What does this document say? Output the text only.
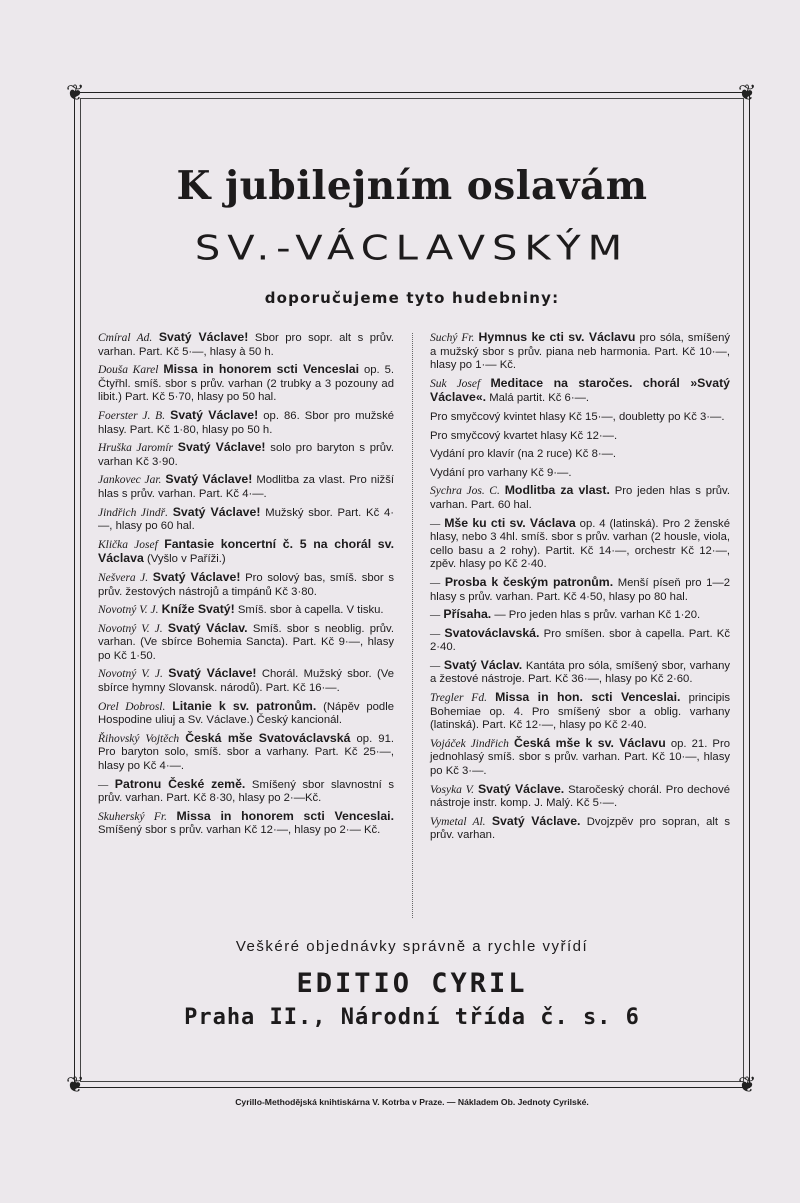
❦	❦
❦	❦
K jubilejním oslavám
SV.-VÁCLAVSKÝM
doporučujeme tyto hudebniny:
Cmíral Ad. Svatý Václave! Sbor pro sopr. alt s prův. varhan. Part. Kč 5·—, hlasy à 50 h.
Douša Karel Missa in honorem scti Venceslai op. 5. Čtyřhl. smíš. sbor s prův. varhan (2 trubky a 3 pozouny ad libit.) Part. Kč 5·70, hlasy po 50 hal.
Foerster J. B. Svatý Václave! op. 86. Sbor pro mužské hlasy. Part. Kč 1·80, hlasy po 50 h.
Hruška Jaromír Svatý Václave! solo pro baryton s prův. varhan Kč 3·90.
Jankovec Jar. Svatý Václave! Modlitba za vlast. Pro nižší hlas s prův. varhan. Part. Kč 4·—.
Jindřich Jindř. Svatý Václave! Mužský sbor. Part. Kč 4·—, hlasy po 60 hal.
Klička Josef Fantasie koncertní č. 5 na chorál sv. Václava (Vyšlo v Paříži.)
Nešvera J. Svatý Václave! Pro solový bas, smíš. sbor s prův. žestových nástrojů a timpánů Kč 3·80.
Novotný V. J. Kníže Svatý! Smíš. sbor à capella. V tisku.
Novotný V. J. Svatý Václav. Smíš. sbor s neoblig. prův. varhan. (Ve sbírce Bohemia Sancta). Part. Kč 9·—, hlasy po Kč 1·50.
Novotný V. J. Svatý Václave! Chorál. Mužský sbor. (Ve sbírce hymny Slovansk. národů). Part. Kč 16·—.
Orel Dobrosl. Litanie k sv. patronům. (Nápěv podle Hospodine uliuj a Sv. Václave.) Český kancionál.
Řihovský Vojtěch Česká mše Svatováclavská op. 91. Pro baryton solo, smíš. sbor a varhany. Part. Kč 25·—, hlasy po Kč 4·—.
— Patronu České země. Smíšený sbor slavnostní s prův. varhan. Part. Kč 8·30, hlasy po 2·—Kč.
Skuherský Fr. Missa in honorem scti Venceslai. Smíšený sbor s prův. varhan Kč 12·—, hlasy po 2·— Kč.
Suchý Fr. Hymnus ke cti sv. Václavu pro sóla, smíšený a mužský sbor s prův. piana neb harmonia. Part. Kč 10·—, hlasy po 1·— Kč.
Suk Josef Meditace na staročes. chorál »Svatý Václave«. Malá partit. Kč 6·—.
Pro smyčcový kvintet hlasy Kč 15·—, doubletty po Kč 3·—.
Pro smyčcový kvartet hlasy Kč 12·—.
Vydání pro klavír (na 2 ruce) Kč 8·—.
Vydání pro varhany Kč 9·—.
Sychra Jos. C. Modlitba za vlast. Pro jeden hlas s prův. varhan. Part. 60 hal.
— Mše ku cti sv. Václava op. 4 (latinská). Pro 2 ženské hlasy, nebo 3 4hl. smíš. sbor s prův. varhan (2 housle, viola, cello basu a 2 rohy). Partit. Kč 14·—, orchestr Kč 12·—, zpěv. hlasy po Kč 2·40.
— Prosba k českým patronům. Menší píseň pro 1—2 hlasy s prův. varhan. Part. Kč 4·50, hlasy po 80 hal.
— Přísaha. — Pro jeden hlas s prův. varhan Kč 1·20.
— Svatováclavská. Pro smíšen. sbor à capella. Part. Kč 2·40.
— Svatý Václav. Kantáta pro sóla, smíšený sbor, varhany a žestové nástroje. Part. Kč 36·—, hlasy po Kč 2·60.
Tregler Fd. Missa in hon. scti Venceslai. principis Bohemiae op. 4. Pro smíšený sbor a oblig. varhany (latinská). Part. Kč 12·—, hlasy po Kč 2·40.
Vojáček Jindřich Česká mše k sv. Václavu op. 21. Pro jednohlasý smíš. sbor s prův. varhan. Part. Kč 10·—, hlasy po Kč 3·—.
Vosyka V. Svatý Václave. Staročeský chorál. Pro dechové nástroje instr. komp. J. Malý. Kč 5·—.
Vymetal Al. Svatý Václave. Dvojzpěv pro sopran, alt s prův. varhan.
Veškéré objednávky správně a rychle vyřídí
EDITIO CYRIL
Praha II., Národní třída č. s. 6
Cyrillo-Methodějská knihtiskárna V. Kotrba v Praze. — Nákladem Ob. Jednoty Cyrilské.
